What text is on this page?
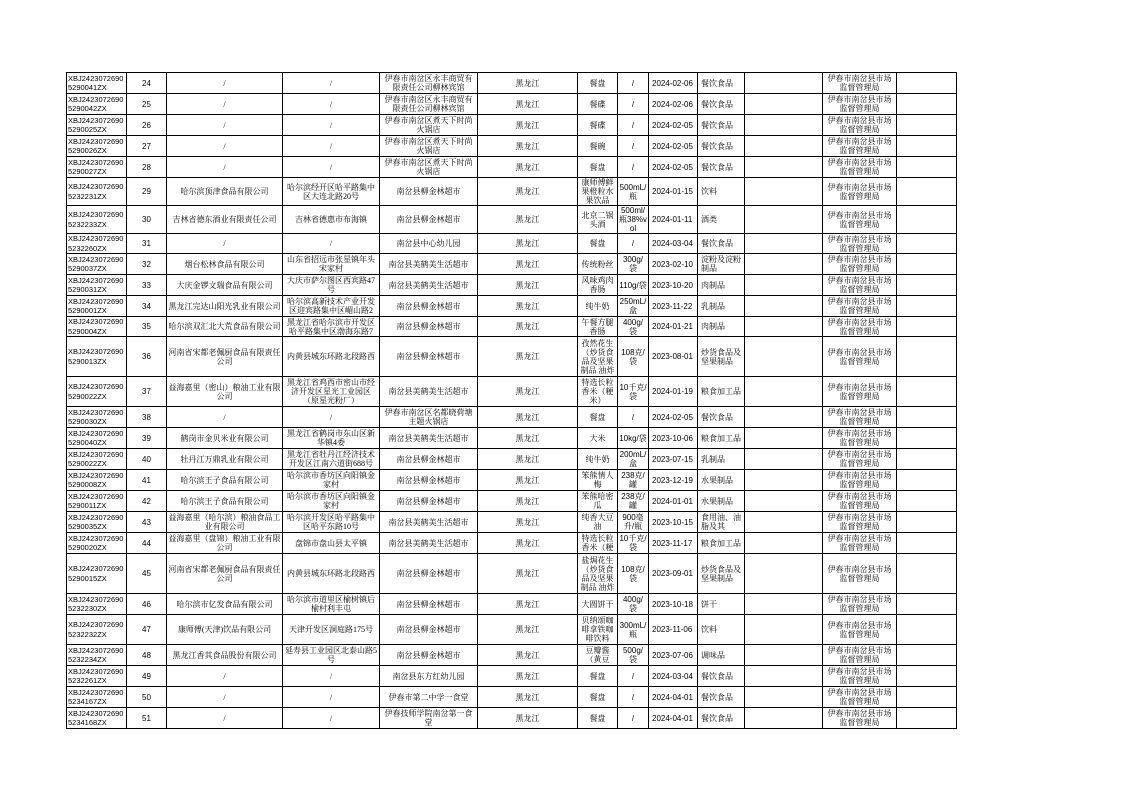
XBJ24230726905290041ZX	24	/	/	伊春市南岔区永丰商贸有限责任公司柳林宾馆	黑龙江	餐盘	/	2024-02-06	餐饮食品		伊春市南岔县市场监督管理局	
XBJ24230726905290042ZX	25	/	/	伊春市南岔区永丰商贸有限责任公司柳林宾馆	黑龙江	餐碟	/	2024-02-06	餐饮食品		伊春市南岔县市场监督管理局	
XBJ24230726905290025ZX	26	/	/	伊春市南岔区煮天下时尚火锅店	黑龙江	餐碟	/	2024-02-05	餐饮食品		伊春市南岔县市场监督管理局	
XBJ24230726905290026ZX	27	/	/	伊春市南岔区煮天下时尚火锅店	黑龙江	餐碗	/	2024-02-05	餐饮食品		伊春市南岔县市场监督管理局	
XBJ24230726905290027ZX	28	/	/	伊春市南岔区煮天下时尚火锅店	黑龙江	餐盘	/	2024-02-05	餐饮食品		伊春市南岔县市场监督管理局	
XBJ24230726905232231ZX	29	哈尔滨顶津食品有限公司	哈尔滨经开区哈平路集中区大连北路20号	南岔县柳金林超市	黑龙江	康师傅鲜果橙粒水果饮品	500mL/瓶	2024-01-15	饮料		伊春市南岔县市场监督管理局	
XBJ24230726905232233ZX	30	吉林省德东酒业有限责任公司	吉林省德惠市布海镇	南岔县柳金林超市	黑龙江	北京二锅头酒	500ml/瓶38%vol	2024-01-11	酒类		伊春市南岔县市场监督管理局	
XBJ24230726905232260ZX	31	/	/	南岔县中心幼儿园	黑龙江	餐盘	/	2024-03-04	餐饮食品		伊春市南岔县市场监督管理局	
XBJ24230726905290037ZX	32	烟台松林食品有限公司	山东省招远市张星镇年头宋家村	南岔县美鹤美生活超市	黑龙江	传统粉丝	300g/袋	2023-02-10	淀粉及淀粉制品		伊春市南岔县市场监督管理局	
XBJ24230726905290031ZX	33	大庆金锣文瑞食品有限公司	大庆市萨尔图区西宾路47号	南岔县美鹤美生活超市	黑龙江	风味鸡肉香肠	110g/袋	2023-10-20	肉制品		伊春市南岔县市场监督管理局	
XBJ24230726905290001ZX	34	黑龙江完达山阳光乳业有限公司	哈尔滨高新技术产业开发区迎宾路集中区嵋山路2	南岔县柳金林超市	黑龙江	纯牛奶	250mL/盒	2023-11-22	乳制品		伊春市南岔县市场监督管理局	
XBJ24230726905290004ZX	35	哈尔滨双汇北大荒食品有限公司	黑龙江省哈尔滨市开发区哈平路集中区渤海东路7	南岔县柳金林超市	黑龙江	午餐方腿香肠	400g/袋	2024-01-21	肉制品		伊春市南岔县市场监督管理局	
XBJ24230726905290013ZX	36	河南省宋都老佩厨食品有限责任公司	内黄县城东环路北段路西	南岔县柳金林超市	黑龙江	孜然花生（炒货食品及坚果制品 油炸	108克/袋	2023-08-01	炒货食品及坚果制品		伊春市南岔县市场监督管理局	
XBJ24230726905290022ZX	37	益海嘉里（密山）粮油工业有限公司	黑龙江省鸡西市密山市经济开发区星光工业园区（原星光粉厂）	南岔县美鹤美生活超市	黑龙江	特选长粒香米（粳米）	10千克/袋	2024-01-19	粮食加工品		伊春市南岔县市场监督管理局	
XBJ24230726905290030ZX	38	/	/	伊春市南岔区名都晓荷塘主题火锅店	黑龙江	餐盘	/	2024-02-05	餐饮食品		伊春市南岔县市场监督管理局	
XBJ24230726905290040ZX	39	鹤岗市金贝米业有限公司	黑龙江省鹤岗市东山区新华镇4委	南岔县美鹤美生活超市	黑龙江	大米	10kg/袋	2023-10-06	粮食加工品		伊春市南岔县市场监督管理局	
XBJ24230726905290022ZX	40	牡丹江万鼎乳业有限公司	黑龙江省牡丹江经济技术开发区江南六道街688号	南岔县柳金林超市	黑龙江	纯牛奶	200mL/盒	2023-07-15	乳制品		伊春市南岔县市场监督管理局	
XBJ24230726905290008ZX	41	哈尔滨王子食品有限公司	哈尔滨市香坊区向阳镇金家村	南岔县柳金林超市	黑龙江	笨熊情人梅	238克/罐	2023-12-19	水果制品		伊春市南岔县市场监督管理局	
XBJ24230726905290011ZX	42	哈尔滨王子食品有限公司	哈尔滨市香坊区向阳镇金家村	南岔县柳金林超市	黑龙江	笨熊哈密瓜	238克/罐	2024-01-01	水果制品		伊春市南岔县市场监督管理局	
XBJ24230726905290035ZX	43	益海嘉里（哈尔滨）粮油食品工业有限公司	哈尔滨开发区哈平路集中区哈平东路10号	南岔县美鹤美生活超市	黑龙江	纯香大豆油	900毫升/瓶	2023-10-15	食用油、油脂及其		伊春市南岔县市场监督管理局	
XBJ24230726905290020ZX	44	益海嘉里（盘锦）粮油工业有限公司	盘锦市盘山县太平镇	南岔县美鹤美生活超市	黑龙江	特选长粒香米（粳	10千克/袋	2023-11-17	粮食加工品		伊春市南岔县市场监督管理局	
XBJ24230726905290015ZX	45	河南省宋都老佩厨食品有限责任公司	内黄县城东环路北段路西	南岔县柳金林超市	黑龙江	盐焗花生（炒货食品及坚果制品 油炸	108克/袋	2023-09-01	炒货食品及坚果制品		伊春市南岔县市场监督管理局	
XBJ24230726905232230ZX	46	哈尔滨市亿发食品有限公司	哈尔滨市道里区榆树镇后榆村利丰屯	南岔县柳金林超市	黑龙江	大圆饼干	400g/袋	2023-10-18	饼干		伊春市南岔县市场监督管理局	
XBJ24230726905232232ZX	47	康师傅(天津)饮品有限公司	天津开发区洞庭路175号	南岔县柳金林超市	黑龙江	贝纳颂咖啡拿铁咖啡饮料	300mL/瓶	2023-11-06	饮料		伊春市南岔县市场监督管理局	
XBJ24230726905232234ZX	48	黑龙江香其食品股份有限公司	延寿县工业园区北泰山路5号	南岔县柳金林超市	黑龙江	豆瓣酱（黄豆	500g/袋	2023-07-06	调味品		伊春市南岔县市场监督管理局	
XBJ24230726905232261ZX	49	/	/	南岔县东方红幼儿园	黑龙江	餐盘	/	2024-03-04	餐饮食品		伊春市南岔县市场监督管理局	
XBJ24230726905234167ZX	50	/	/	伊春市第二中学一食堂	黑龙江	餐盘	/	2024-04-01	餐饮食品		伊春市南岔县市场监督管理局	
XBJ24230726905234168ZX	51	/	/	伊春技师学院南岔第一食堂	黑龙江	餐盘	/	2024-04-01	餐饮食品		伊春市南岔县市场监督管理局	
